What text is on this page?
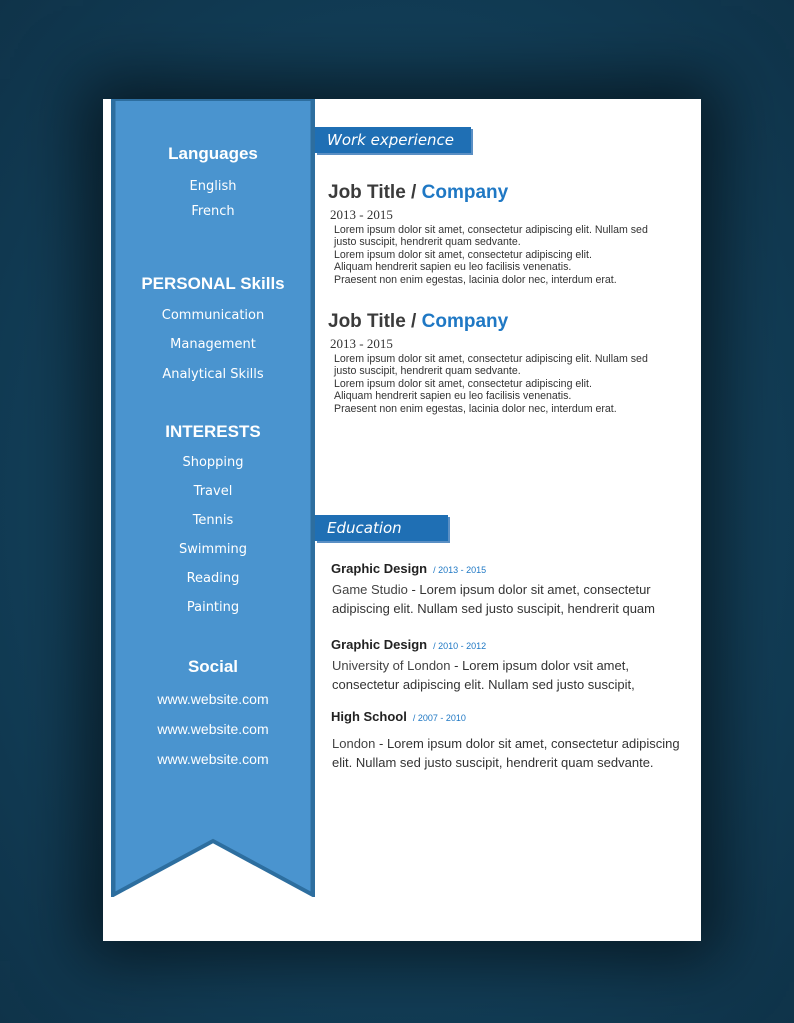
Languages
English
French
PERSONAL Skills
Communication
Management
Analytical Skills
INTERESTS
Shopping
Travel
Tennis
Swimming
Reading
Painting
Social
www.website.com
www.website.com
www.website.com
Work experience
Job Title / Company
2013 - 2015
Lorem ipsum dolor sit amet, consectetur adipiscing elit. Nullam sed
justo suscipit, hendrerit quam sedvante.
Lorem ipsum dolor sit amet, consectetur adipiscing elit.
Aliquam hendrerit sapien eu leo facilisis venenatis.
Praesent non enim egestas, lacinia dolor nec, interdum erat.
Job Title / Company
2013 - 2015
Lorem ipsum dolor sit amet, consectetur adipiscing elit. Nullam sed
justo suscipit, hendrerit quam sedvante.
Lorem ipsum dolor sit amet, consectetur adipiscing elit.
Aliquam hendrerit sapien eu leo facilisis venenatis.
Praesent non enim egestas, lacinia dolor nec, interdum erat.
Education
Graphic Design / 2013 - 2015
Game Studio - Lorem ipsum dolor sit amet, consectetur adipiscing elit. Nullam sed justo suscipit, hendrerit quam
Graphic Design / 2010 - 2012
University of London - Lorem ipsum dolor vsit amet, consectetur adipiscing elit. Nullam sed justo suscipit,
High School / 2007 - 2010
London - Lorem ipsum dolor sit amet, consectetur adipiscing elit. Nullam sed justo suscipit, hendrerit quam sedvante.
